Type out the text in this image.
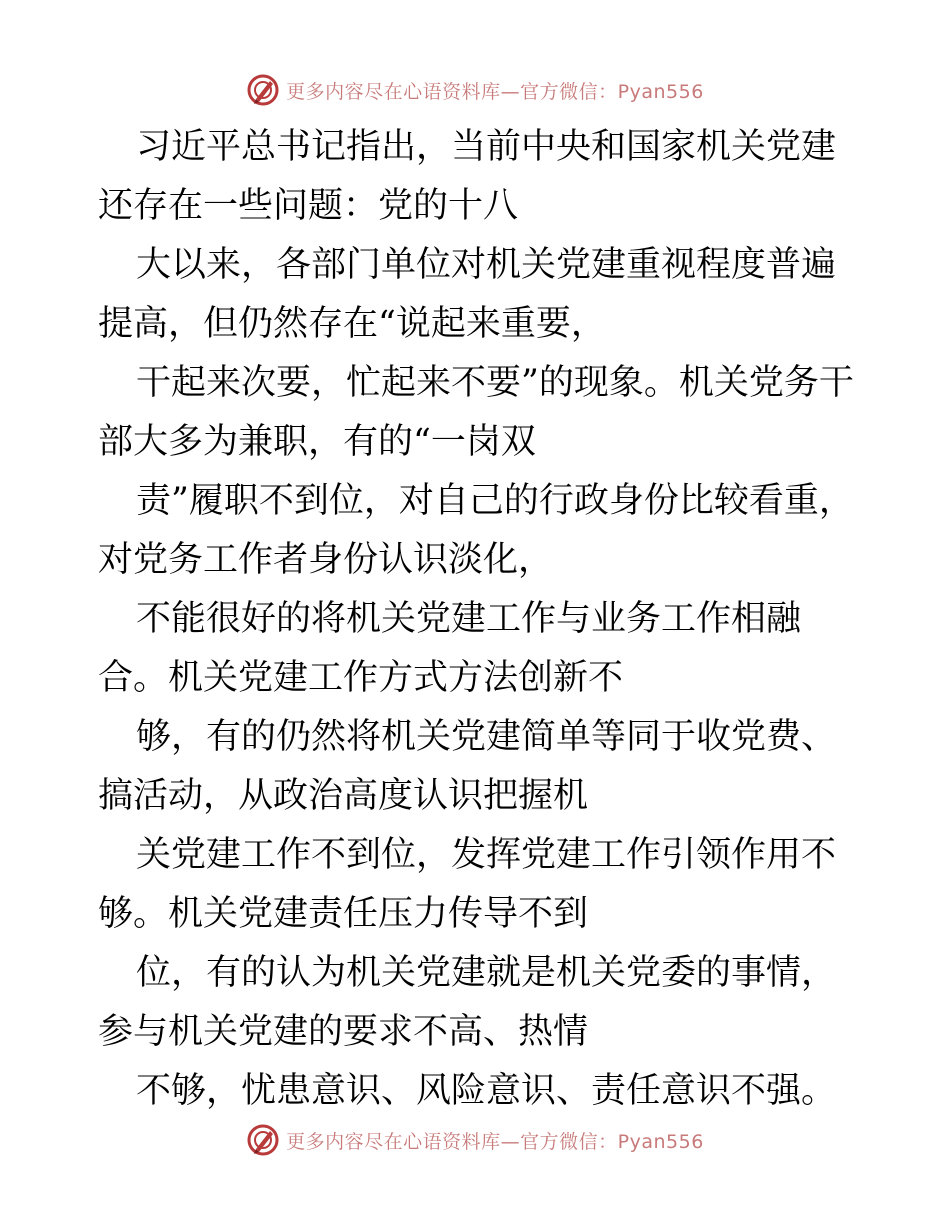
更多内容尽在心语资料库—官方微信：Pyan556

习近平总书记指出，当前中央和国家机关党建还存在一些问题：党的十八

大以来，各部门单位对机关党建重视程度普遍提高，但仍然存在“说起来重要，

干起来次要，忙起来不要”的现象。机关党务干部大多为兼职，有的“一岗双

责”履职不到位，对自己的行政身份比较看重，对党务工作者身份认识淡化，

不能很好的将机关党建工作与业务工作相融合。机关党建工作方式方法创新不

够，有的仍然将机关党建简单等同于收党费、搞活动，从政治高度认识把握机

关党建工作不到位，发挥党建工作引领作用不够。机关党建责任压力传导不到

位，有的认为机关党建就是机关党委的事情，参与机关党建的要求不高、热情

不够，忧患意识、风险意识、责任意识不强。

更多内容尽在心语资料库—官方微信：Pyan556
